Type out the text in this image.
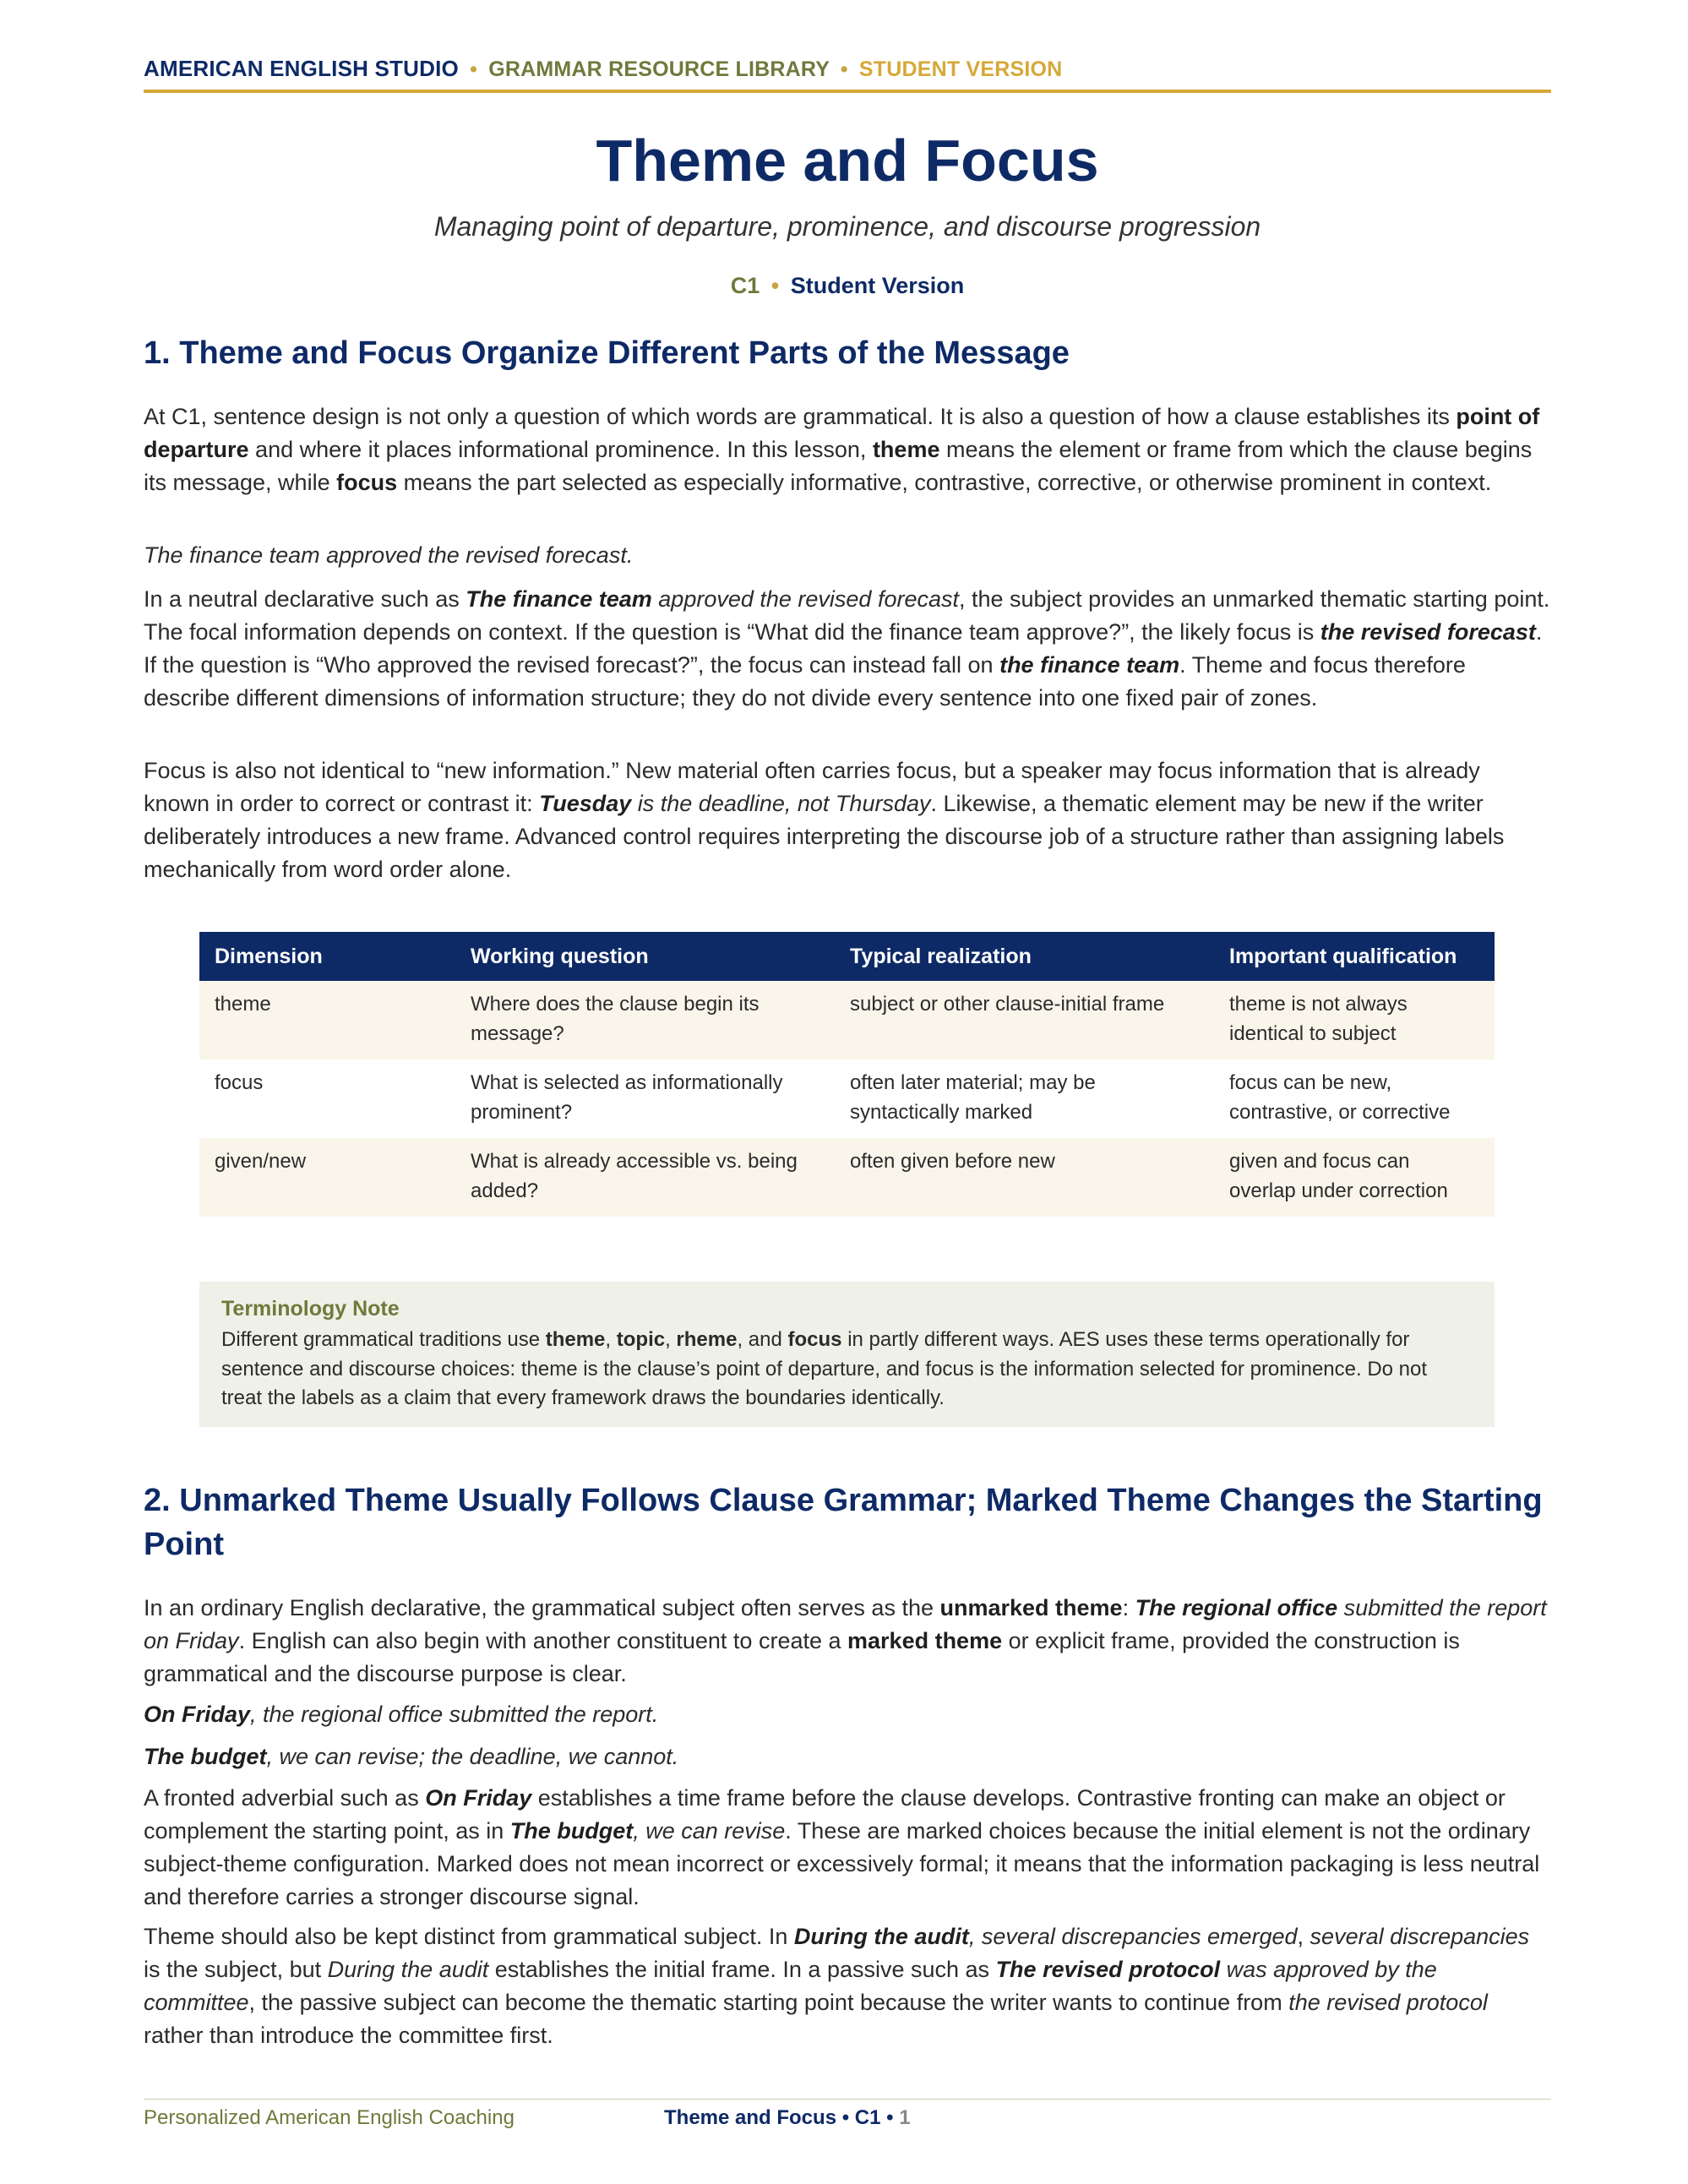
AMERICAN ENGLISH STUDIO • GRAMMAR RESOURCE LIBRARY • STUDENT VERSION
Theme and Focus
Managing point of departure, prominence, and discourse progression
C1 • Student Version
1. Theme and Focus Organize Different Parts of the Message

At C1, sentence design is not only a question of which words are grammatical. It is also a question of how a clause establishes its point of departure and where it places informational prominence. In this lesson, theme means the element or frame from which the clause begins its message, while focus means the part selected as especially informative, contrastive, corrective, or otherwise prominent in context.

The finance team approved the revised forecast.

In a neutral declarative such as The finance team approved the revised forecast, the subject provides an unmarked thematic starting point. The focal information depends on context. If the question is “What did the finance team approve?”, the likely focus is the revised forecast. If the question is “Who approved the revised forecast?”, the focus can instead fall on the finance team. Theme and focus therefore describe different dimensions of information structure; they do not divide every sentence into one fixed pair of zones.

Focus is also not identical to “new information.” New material often carries focus, but a speaker may focus information that is already known in order to correct or contrast it: Tuesday is the deadline, not Thursday. Likewise, a thematic element may be new if the writer deliberately introduces a new frame. Advanced control requires interpreting the discourse job of a structure rather than assigning labels mechanically from word order alone.

Dimension	Working question	Typical realization	Important qualification
theme	Where does the clause begin its message?	subject or other clause-initial frame	theme is not always identical to subject
focus	What is selected as informationally prominent?	often later material; may be syntactically marked	focus can be new, contrastive, or corrective
given/new	What is already accessible vs. being added?	often given before new	given and focus can overlap under correction
Terminology Note
Different grammatical traditions use theme, topic, rheme, and focus in partly different ways. AES uses these terms operationally for sentence and discourse choices: theme is the clause’s point of departure, and focus is the information selected for prominence. Do not treat the labels as a claim that every framework draws the boundaries identically.
2. Unmarked Theme Usually Follows Clause Grammar; Marked Theme Changes the Starting Point

In an ordinary English declarative, the grammatical subject often serves as the unmarked theme: The regional office submitted the report on Friday. English can also begin with another constituent to create a marked theme or explicit frame, provided the construction is grammatical and the discourse purpose is clear.

On Friday, the regional office submitted the report.

The budget, we can revise; the deadline, we cannot.

A fronted adverbial such as On Friday establishes a time frame before the clause develops. Contrastive fronting can make an object or complement the starting point, as in The budget, we can revise. These are marked choices because the initial element is not the ordinary subject-theme configuration. Marked does not mean incorrect or excessively formal; it means that the information packaging is less neutral and therefore carries a stronger discourse signal.

Theme should also be kept distinct from grammatical subject. In During the audit, several discrepancies emerged, several discrepancies is the subject, but During the audit establishes the initial frame. In a passive such as The revised protocol was approved by the committee, the passive subject can become the thematic starting point because the writer wants to continue from the revised protocol rather than introduce the committee first.

Personalized American English Coaching	Theme and Focus • C1 • 1
